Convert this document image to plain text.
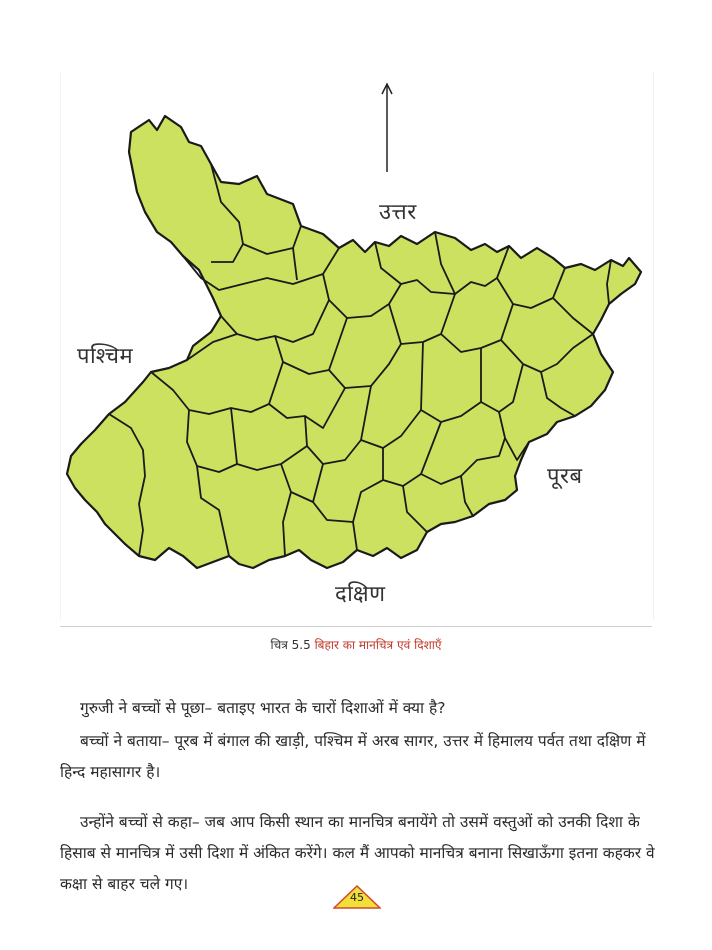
उत्तर
पश्चिम
पूरब
दक्षिण
चित्र 5.5 बिहार का मानचित्र एवं दिशाएँ

गुरुजी ने बच्चों से पूछा– बताइए भारत के चारों दिशाओं में क्या है?

बच्चों ने बताया– पूरब में बंगाल की खाड़ी, पश्चिम में अरब सागर, उत्तर में हिमालय पर्वत तथा दक्षिण में हिन्द महासागर है।

उन्होंने बच्चों से कहा– जब आप किसी स्थान का मानचित्र बनायेंगे तो उसमें वस्तुओं को उनकी दिशा के हिसाब से मानचित्र में उसी दिशा में अंकित करेंगे। कल मैं आपको मानचित्र बनाना सिखाऊँगा इतना कहकर वे कक्षा से बाहर चले गए।

45
